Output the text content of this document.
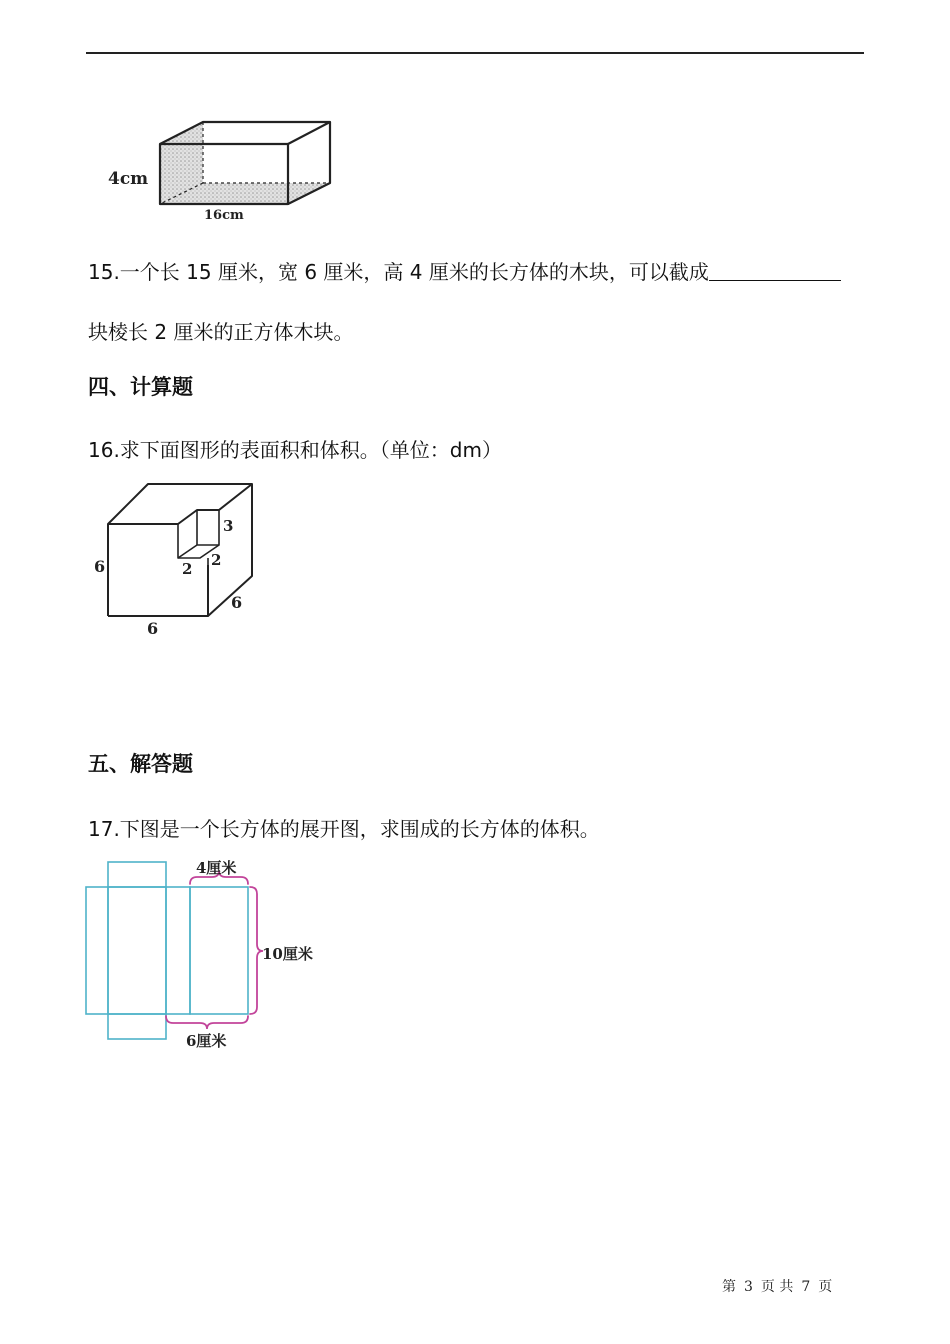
4cm
16cm
15.一个长 15 厘米，宽 6 厘米，高 4 厘米的长方体的木块，可以截成
块棱长 2 厘米的正方体木块。
四、计算题
16.求下面图形的表面积和体积。（单位：dm）
6
6
6
2 2
3
五、解答题
17.下图是一个长方体的展开图，求围成的长方体的体积。
4厘米
10厘米
6厘米
第 3 页 共 7 页
